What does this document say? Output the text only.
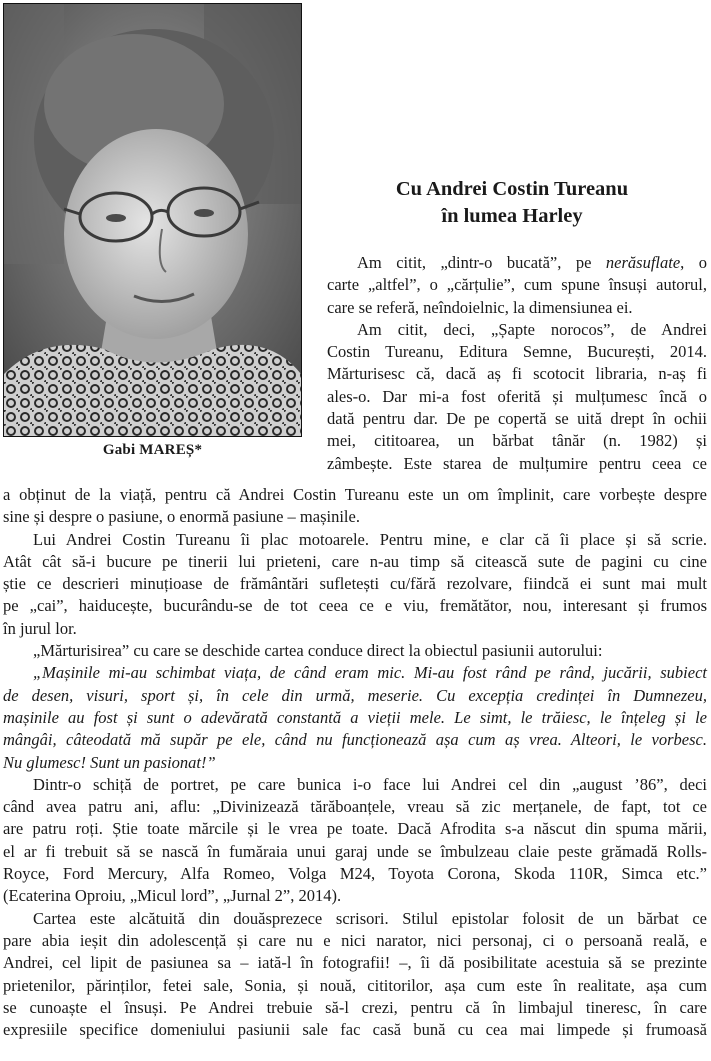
Gabi MAREȘ*
Cu Andrei Costin Tureanu
în lumea Harley
Am citit, „dintr-o bucată”, pe nerăsuflate, o
carte „altfel”, o „cărțulie”, cum spune însuși autorul,
care se referă, neîndoielnic, la dimensiunea ei.
Am citit, deci, „Șapte norocos”, de Andrei
Costin Tureanu, Editura Semne, București, 2014.
Mărturisesc că, dacă aș fi scotocit libraria, n-aș fi
ales-o. Dar mi-a fost oferită și mulțumesc încă o
dată pentru dar. De pe copertă se uită drept în ochii
mei, cititoarea, un bărbat tânăr (n. 1982) și
zâmbește. Este starea de mulțumire pentru ceea ce
a obținut de la viață, pentru că Andrei Costin Tureanu este un om împlinit, care vorbește despre
sine și despre o pasiune, o enormă pasiune – mașinile.
Lui Andrei Costin Tureanu îi plac motoarele. Pentru mine, e clar că îi place și să scrie.
Atât cât să-i bucure pe tinerii lui prieteni, care n-au timp să citească sute de pagini cu cine
știe ce descrieri minuțioase de frământări sufletești cu/fără rezolvare, fiindcă ei sunt mai mult
pe „cai”, haiducește, bucurându-se de tot ceea ce e viu, fremătător, nou, interesant și frumos
în jurul lor.
„Mărturisirea” cu care se deschide cartea conduce direct la obiectul pasiunii autorului:
„Mașinile mi-au schimbat viața, de când eram mic. Mi-au fost rând pe rând, jucării, subiect
de desen, visuri, sport și, în cele din urmă, meserie. Cu excepția credinței în Dumnezeu,
mașinile au fost și sunt o adevărată constantă a vieții mele. Le simt, le trăiesc, le înțeleg și le
mângâi, câteodată mă supăr pe ele, când nu funcționează așa cum aș vrea. Alteori, le vorbesc.
Nu glumesc! Sunt un pasionat!”
Dintr-o schiță de portret, pe care bunica i-o face lui Andrei cel din „august ’86”, deci
când avea patru ani, aflu: „Divinizează tărăboanțele, vreau să zic merțanele, de fapt, tot ce
are patru roți. Știe toate mărcile și le vrea pe toate. Dacă Afrodita s-a născut din spuma mării,
el ar fi trebuit să se nască în fumăraia unui garaj unde se îmbulzeau claie peste grămadă Rolls-
Royce, Ford Mercury, Alfa Romeo, Volga M24, Toyota Corona, Skoda 110R, Simca etc.”
(Ecaterina Oproiu, „Micul lord”, „Jurnal 2”, 2014).
Cartea este alcătuită din douăsprezece scrisori. Stilul epistolar folosit de un bărbat ce
pare abia ieșit din adolescență și care nu e nici narator, nici personaj, ci o persoană reală, e
Andrei, cel lipit de pasiunea sa – iată-l în fotografii! –, îi dă posibilitate acestuia să se prezinte
prietenilor, părinților, fetei sale, Sonia, și nouă, cititorilor, așa cum este în realitate, așa cum
se cunoaște el însuși. Pe Andrei trebuie să-l crezi, pentru că în limbajul tineresc, în care
expresiile specifice domeniului pasiunii sale fac casă bună cu cea mai limpede și frumoasă
